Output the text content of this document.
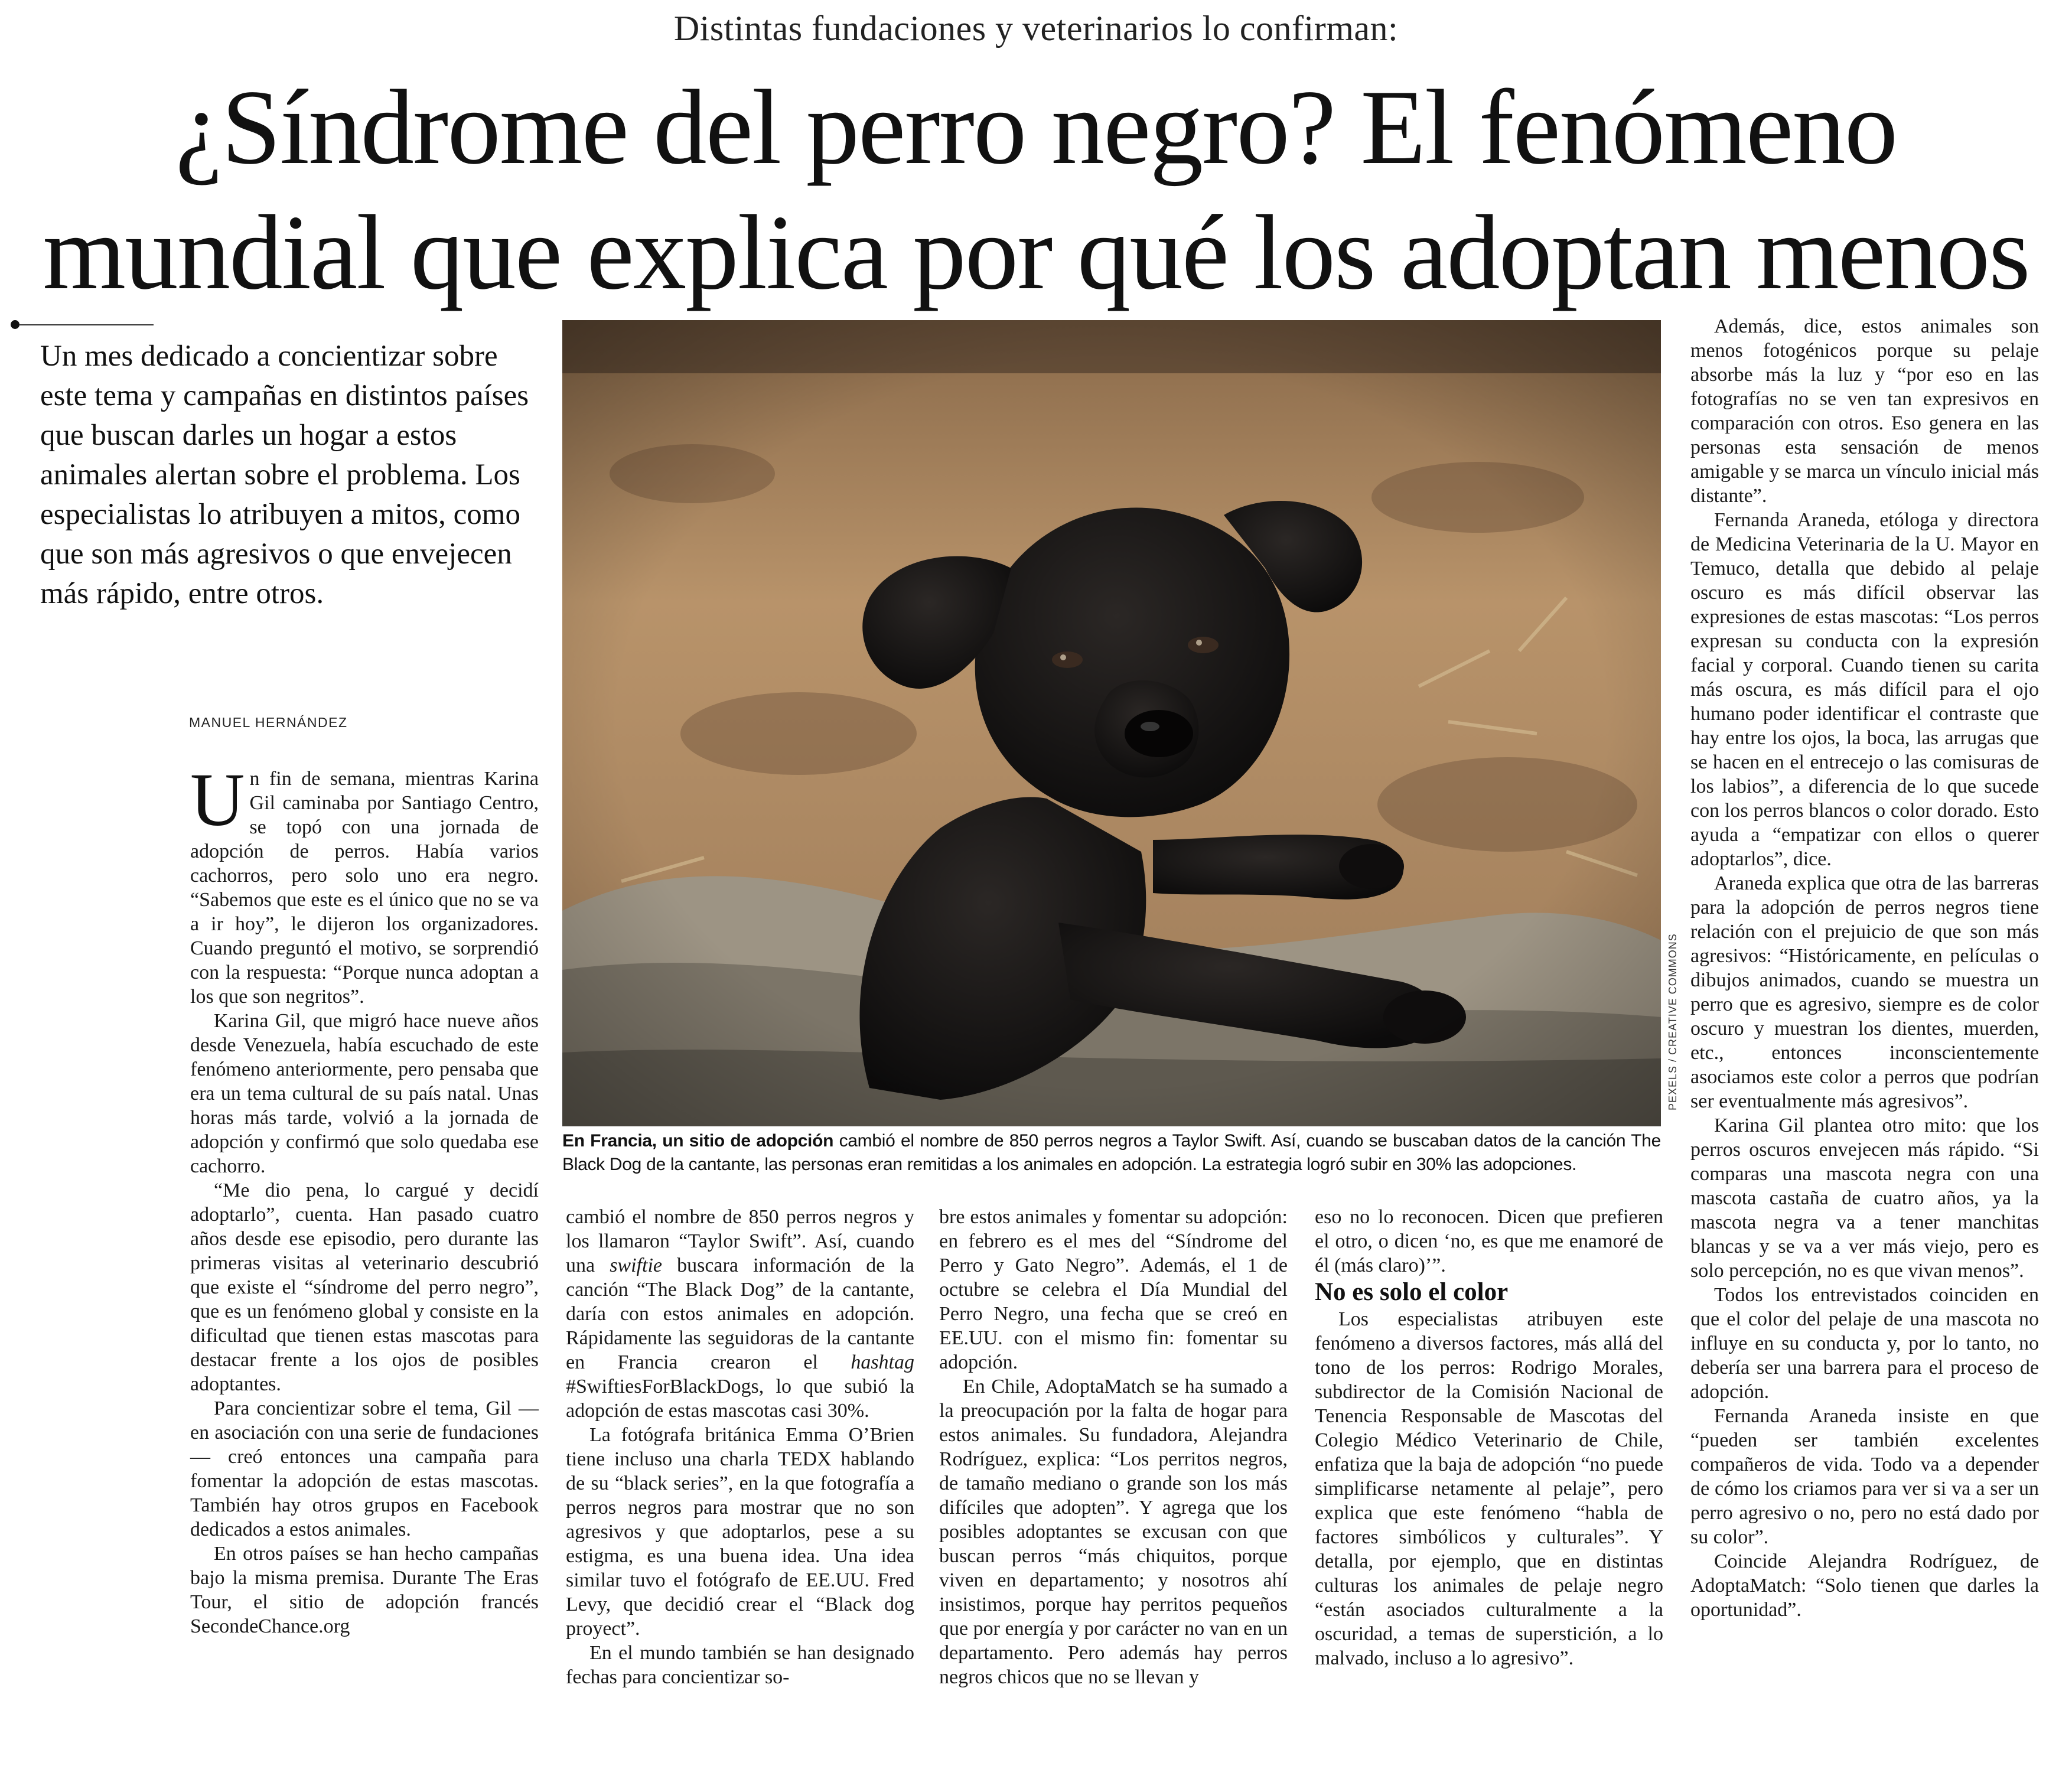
Distintas fundaciones y veterinarios lo confirman:
¿Síndrome del perro negro? El fenómeno
mundial que explica por qué los adoptan menos

Un mes dedicado a concientizar sobre este tema y campañas en distintos países que buscan darles un hogar a estos animales alertan sobre el problema. Los especialistas lo atribuyen a mitos, como que son más agresivos o que envejecen más rápido, entre otros.

MANUEL HERNÁNDEZ
PEXELS / CREATIVE COMMONS
En Francia, un sitio de adopción cambió el nombre de 850 perros negros a Taylor Swift. Así, cuando se buscaban datos de la canción The Black Dog de la cantante, las personas eran remitidas a los animales en adopción. La estrategia logró subir en 30% las adopciones.

Un fin de semana, mientras Karina Gil caminaba por Santiago Centro, se topó con una jornada de adopción de perros. Había varios cachorros, pero solo uno era negro. “Sabemos que este es el único que no se va a ir hoy”, le dijeron los organizadores. Cuando preguntó el motivo, se sorprendió con la respuesta: “Porque nunca adoptan a los que son negritos”.

Karina Gil, que migró hace nueve años desde Venezuela, había escuchado de este fenómeno anteriormente, pero pensaba que era un tema cultural de su país natal. Unas horas más tarde, volvió a la jornada de adopción y confirmó que solo quedaba ese cachorro.

“Me dio pena, lo cargué y decidí adoptarlo”, cuenta. Han pasado cuatro años desde ese episodio, pero durante las primeras visitas al veterinario descubrió que existe el “síndrome del perro negro”, que es un fenómeno global y consiste en la dificultad que tienen estas mascotas para destacar frente a los ojos de posibles adoptantes.

Para concientizar sobre el tema, Gil —en asociación con una serie de fundaciones— creó entonces una campaña para fomentar la adopción de estas mascotas. También hay otros grupos en Facebook dedicados a estos animales.

En otros países se han hecho campañas bajo la misma premisa. Durante The Eras Tour, el sitio de adopción francés SecondeChance.org

cambió el nombre de 850 perros negros y los llamaron “Taylor Swift”. Así, cuando una swiftie buscara información de la canción “The Black Dog” de la cantante, daría con estos animales en adopción. Rápidamente las seguidoras de la cantante en Francia crearon el hashtag #SwiftiesForBlackDogs, lo que subió la adopción de estas mascotas casi 30%.

La fotógrafa británica Emma O’Brien tiene incluso una charla TEDX hablando de su “black series”, en la que fotografía a perros negros para mostrar que no son agresivos y que adoptarlos, pese a su estigma, es una buena idea. Una idea similar tuvo el fotógrafo de EE.UU. Fred Levy, que decidió crear el “Black dog proyect”.

En el mundo también se han designado fechas para concientizar so-

bre estos animales y fomentar su adopción: en febrero es el mes del “Síndrome del Perro y Gato Negro”. Además, el 1 de octubre se celebra el Día Mundial del Perro Negro, una fecha que se creó en EE.UU. con el mismo fin: fomentar su adopción.

En Chile, AdoptaMatch se ha sumado a la preocupación por la falta de hogar para estos animales. Su fundadora, Alejandra Rodríguez, explica: “Los perritos negros, de tamaño mediano o grande son los más difíciles que adopten”. Y agrega que los posibles adoptantes se excusan con que buscan perros “más chiquitos, porque viven en departamento; y nosotros ahí insistimos, porque hay perritos pequeños que por energía y por carácter no van en un departamento. Pero además hay perros negros chicos que no se llevan y

eso no lo reconocen. Dicen que prefieren el otro, o dicen ‘no, es que me enamoré de él (más claro)’”.

No es solo el color

Los especialistas atribuyen este fenómeno a diversos factores, más allá del tono de los perros: Rodrigo Morales, subdirector de la Comisión Nacional de Tenencia Responsable de Mascotas del Colegio Médico Veterinario de Chile, enfatiza que la baja de adopción “no puede simplificarse netamente al pelaje”, pero explica que este fenómeno “habla de factores simbólicos y culturales”. Y detalla, por ejemplo, que en distintas culturas los animales de pelaje negro “están asociados culturalmente a la oscuridad, a temas de superstición, a lo malvado, incluso a lo agresivo”.

Además, dice, estos animales son menos fotogénicos porque su pelaje absorbe más la luz y “por eso en las fotografías no se ven tan expresivos en comparación con otros. Eso genera en las personas esta sensación de menos amigable y se marca un vínculo inicial más distante”.

Fernanda Araneda, etóloga y directora de Medicina Veterinaria de la U. Mayor en Temuco, detalla que debido al pelaje oscuro es más difícil observar las expresiones de estas mascotas: “Los perros expresan su conducta con la expresión facial y corporal. Cuando tienen su carita más oscura, es más difícil para el ojo humano poder identificar el contraste que hay entre los ojos, la boca, las arrugas que se hacen en el entrecejo o las comisuras de los labios”, a diferencia de lo que sucede con los perros blancos o color dorado. Esto ayuda a “empatizar con ellos o querer adoptarlos”, dice.

Araneda explica que otra de las barreras para la adopción de perros negros tiene relación con el prejuicio de que son más agresivos: “Históricamente, en películas o dibujos animados, cuando se muestra un perro que es agresivo, siempre es de color oscuro y muestran los dientes, muerden, etc., entonces inconscientemente asociamos este color a perros que podrían ser eventualmente más agresivos”.

Karina Gil plantea otro mito: que los perros oscuros envejecen más rápido. “Si comparas una mascota negra con una mascota castaña de cuatro años, ya la mascota negra va a tener manchitas blancas y se va a ver más viejo, pero es solo percepción, no es que vivan menos”.

Todos los entrevistados coinciden en que el color del pelaje de una mascota no influye en su conducta y, por lo tanto, no debería ser una barrera para el proceso de adopción.

Fernanda Araneda insiste en que “pueden ser también excelentes compañeros de vida. Todo va a depender de cómo los criamos para ver si va a ser un perro agresivo o no, pero no está dado por su color”.

Coincide Alejandra Rodríguez, de AdoptaMatch: “Solo tienen que darles la oportunidad”.
